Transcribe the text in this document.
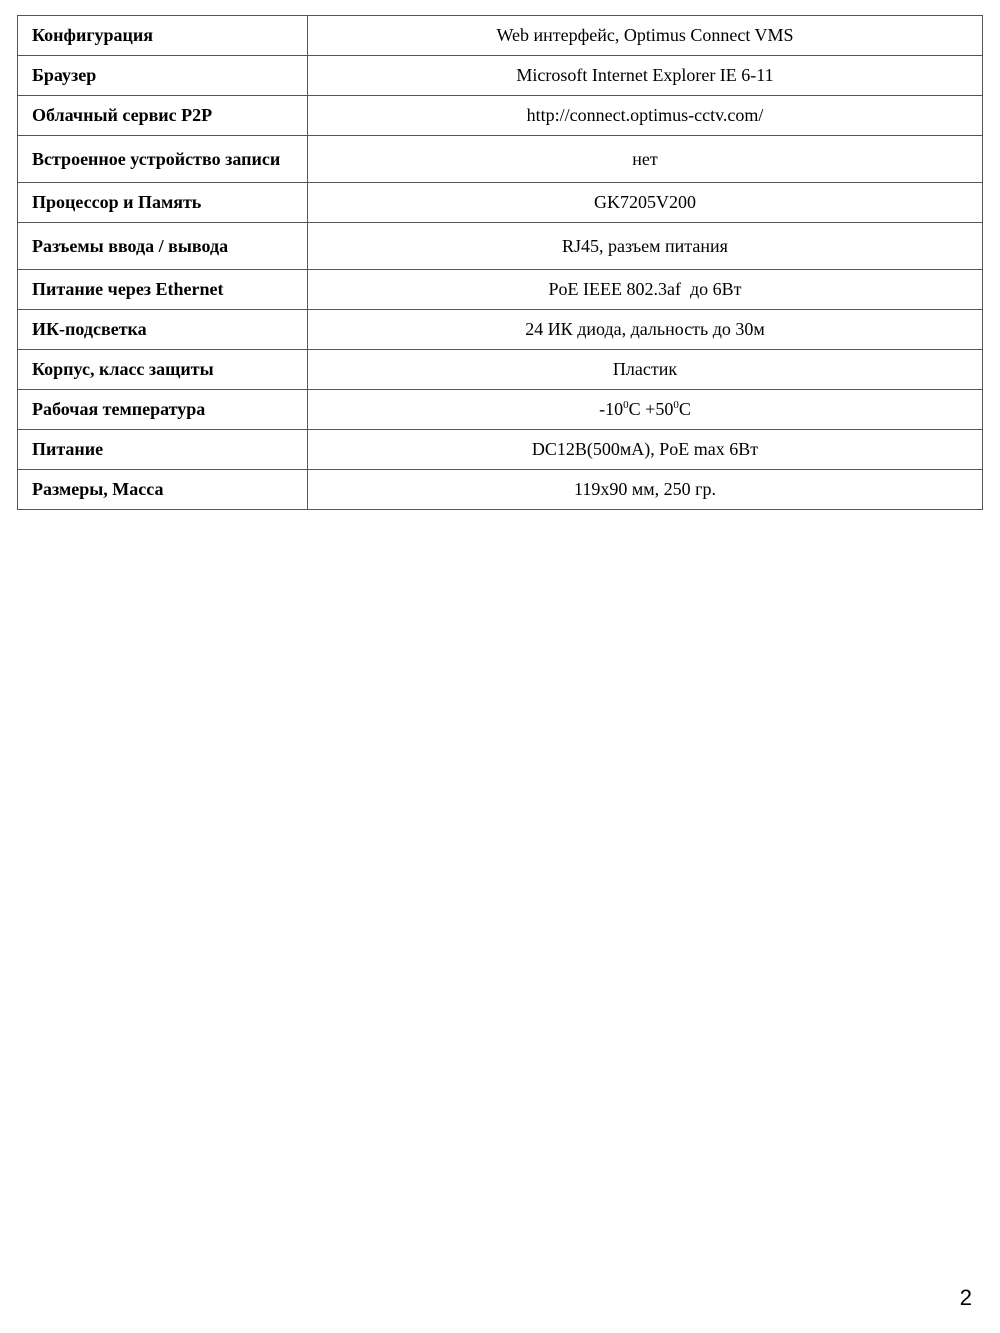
Конфигурация	Web интерфейс, Optimus Connect VMS
Браузер	Microsoft Internet Explorer IE 6-11
Облачный сервис P2P	http://connect.optimus-cctv.com/
Встроенное устройство записи	нет
Процессор и Память	GK7205V200
Разъемы ввода / вывода	RJ45, разъем питания
Питание через Ethernet	PoE IEEE 802.3af  до 6Вт
ИК-подсветка	24 ИК диода, дальность до 30м
Корпус, класс защиты	Пластик
Рабочая температура	$-10^0C +50^0C$
Питание	DC12В(500мА), PoE max 6Вт
Размеры, Масса	119x90 мм, 250 гр.
2
